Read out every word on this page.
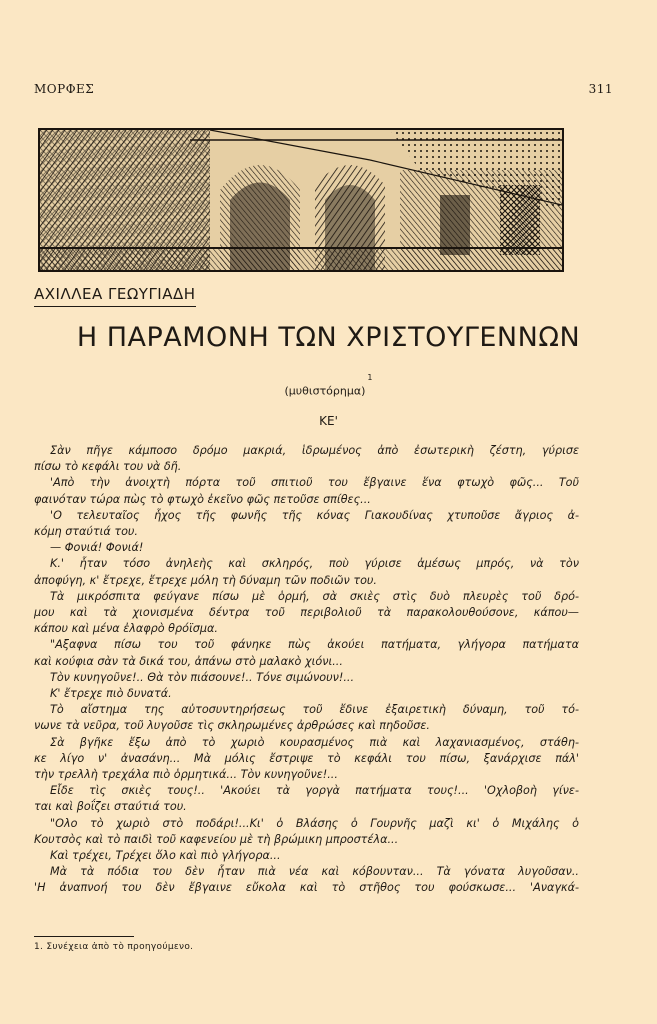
ΜΟΡΦΕΣ	311
ΑΧΙΛΛΕΑ ΓΕΩΥΓΙΑΔΗ
Η ΠΑΡΑΜΟΝΗ ΤΩΝ ΧΡΙΣΤΟΥΓΕΝΝΩΝ
$(\mu\upsilon\theta\iota\sigma\tau ό\rho\eta\mu\alpha)^1$
ΚΕ'

Σὰν πῆγε κάμποσο δρόμο μακριά, ἱδρωμένος ἀπὸ ἐσωτερικὴ ζέστη, γύρισε

πίσω τὸ κεφάλι του νὰ δῆ.

'Απὸ τὴν ἀνοιχτὴ πόρτα τοῦ σπιτιοῦ του ἔβγαινε ἕνα φτωχὸ φῶς... Τοῦ

φαινόταν τώρα πὼς τὸ φτωχὸ ἐκεῖνο φῶς πετοῦσε σπίθες...

'Ο τελευταῖος ἦχος τῆς φωνῆς τῆς κόνας Γιακουδίνας χτυποῦσε ἄγριος ἀ-

κόμη σταύτιά του.

— Φονιά! Φονιά!

Κ.' ἦταν τόσο ἀνηλεὴς καὶ σκληρός, ποὺ γύρισε ἀμέσως μπρός, νὰ τὸν

ἀποφύγη, κ' ἔτρεχε, ἔτρεχε μόλη τὴ δύναμη τῶν ποδιῶν του.

Τὰ μικρόσπιτα φεύγανε πίσω μὲ ὁρμή, σὰ σκιὲς στὶς δυὸ πλευρὲς τοῦ δρό-

μου καὶ τὰ χιονισμένα δέντρα τοῦ περιβολιοῦ τὰ παρακολουθούσονε, κάπου—

κάπου καὶ μένα ἐλαφρὸ θρόϊσμα.

"Αξαφνα πίσω του τοῦ φάνηκε πὼς ἀκούει πατήματα, γλήγορα πατήματα

καὶ κούφια σὰν τὰ δικά του, ἀπάνω στὸ μαλακὸ χιόνι...

Τὸν κυνηγοῦνε!.. Θὰ τὸν πιάσουνε!.. Τόνε σιμώνουν!...

Κ' ἔτρεχε πιὸ δυνατά.

Τὸ αἴστημα της αὐτοσυντηρήσεως τοῦ ἔδινε ἐξαιρετικὴ δύναμη, τοῦ τό-

νωνε τὰ νεῦρα, τοῦ λυγοῦσε τὶς σκληρωμένες ἀρθρώσες καὶ πηδοῦσε.

Σὰ βγῆκε ἔξω ἀπὸ τὸ χωριὸ κουρασμένος πιὰ καὶ λαχανιασμένος, στάθη-

κε λίγο ν' ἀνασάνη... Μὰ μόλις ἔστριψε τὸ κεφάλι του πίσω, ξανάρχισε πάλ'

τὴν τρελλὴ τρεχάλα πιὸ ὁρμητικά... Τὸν κυνηγοῦνε!...

Εἶδε τὶς σκιὲς τους!.. 'Ακούει τὰ γοργὰ πατήματα τους!... 'Οχλοβοὴ γίνε-

ται καὶ βοΐζει σταύτιά του.

"Ολο τὸ χωριὸ στὸ ποδάρι!...Κι' ὁ Βλάσης ὁ Γουρνῆς μαζὶ κι' ὁ Μιχάλης ὁ

Κουτσὸς καὶ τὸ παιδὶ τοῦ καφενείου μὲ τὴ βρώμικη μπροστέλα...

Καὶ τρέχει, Τρέχει ὅλο καὶ πιὸ γλήγορα...

Μὰ τὰ πόδια του δὲν ἦταν πιὰ νέα καὶ κόβουνταν... Τὰ γόνατα λυγοῦσαν..

'Η ἀναπνοή του δὲν ἔβγαινε εὔκολα καὶ τὸ στῆθος του φούσκωσε... 'Αναγκά-

1. Συνέχεια ἀπὸ τὸ προηγούμενο.
